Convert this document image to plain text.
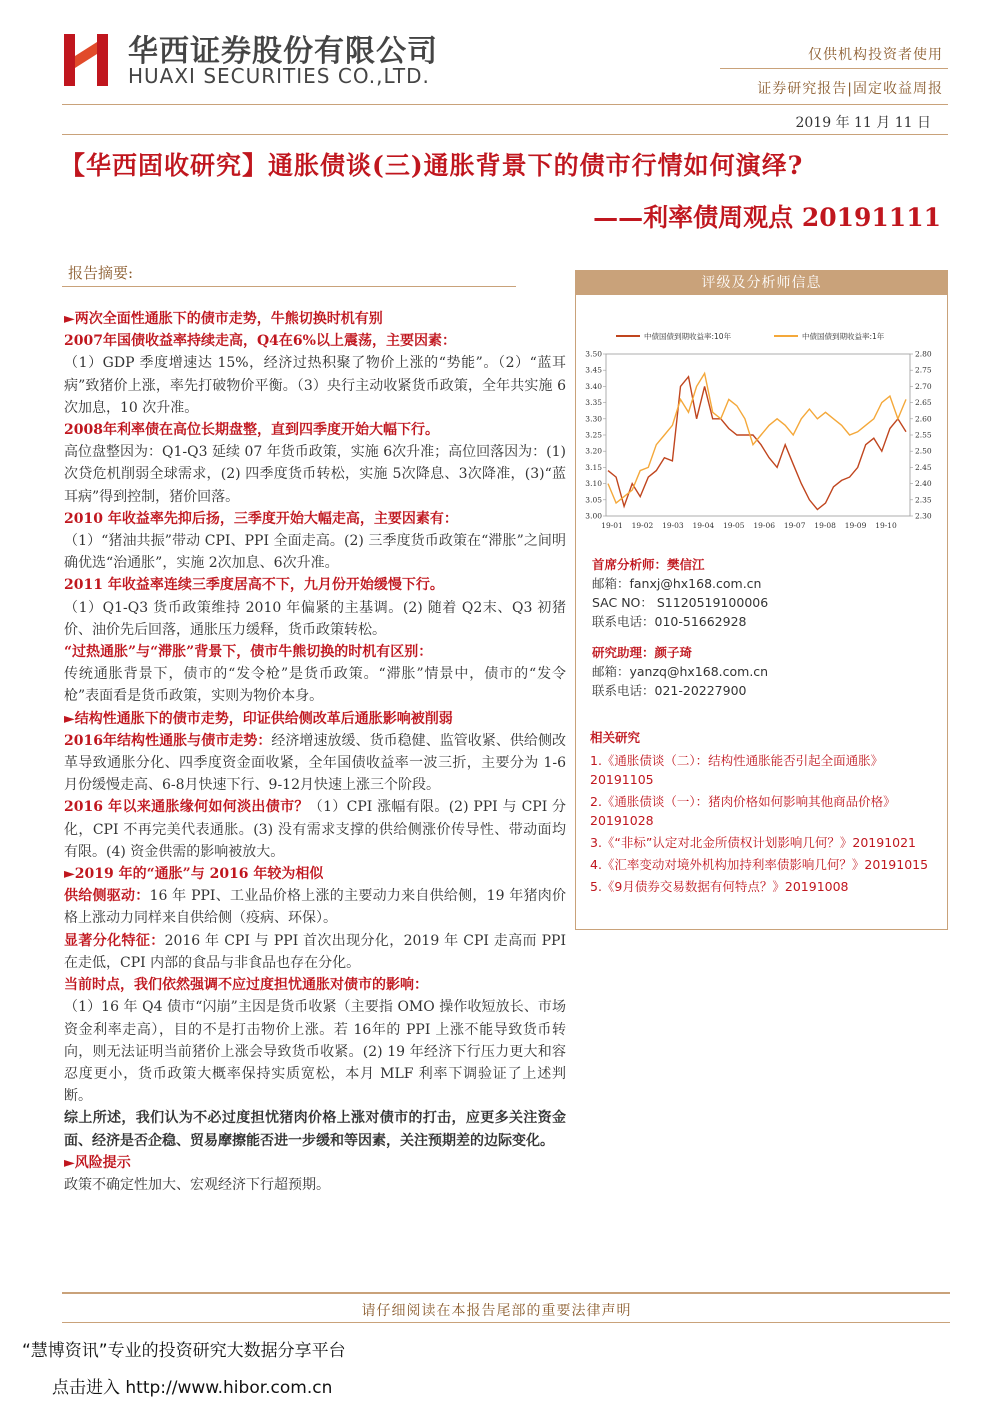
华西证券股份有限公司
HUAXI SECURITIES CO.,LTD.
仅供机构投资者使用
证券研究报告|固定收益周报
2019 年 11 月 11 日
【华西固收研究】通胀债谈(三)通胀背景下的债市行情如何演绎?
——利率债周观点 20191111
报告摘要:

►两次全面性通胀下的债市走势，牛熊切换时机有别

2007年国债收益率持续走高，Q4在6%以上震荡，主要因素：

（1）GDP 季度增速达 15%，经济过热积聚了物价上涨的“势能”。（2）“蓝耳病”致猪价上涨，率先打破物价平衡。（3）央行主动收紧货币政策，全年共实施 6次加息，10 次升准。

2008年利率债在高位长期盘整，直到四季度开始大幅下行。

高位盘整因为：Q1-Q3 延续 07 年货币政策，实施 6次升准；高位回落因为：(1) 次贷危机削弱全球需求，(2) 四季度货币转松，实施 5次降息、3次降准，(3)“蓝耳病”得到控制，猪价回落。

2010 年收益率先抑后扬，三季度开始大幅走高，主要因素有：

（1）“猪油共振”带动 CPI、PPI 全面走高。(2) 三季度货币政策在“滞胀”之间明确优选“治通胀”，实施 2次加息、6次升准。

2011 年收益率连续三季度居高不下，九月份开始缓慢下行。

（1）Q1-Q3 货币政策维持 2010 年偏紧的主基调。(2) 随着 Q2末、Q3 初猪价、油价先后回落，通胀压力缓释，货币政策转松。

“过热通胀”与“滞胀”背景下，债市牛熊切换的时机有区别：

传统通胀背景下，债市的“发令枪”是货币政策。“滞胀”情景中，债市的“发令枪”表面看是货币政策，实则为物价本身。

►结构性通胀下的债市走势，印证供给侧改革后通胀影响被削弱

2016年结构性通胀与债市走势：经济增速放缓、货币稳健、监管收紧、供给侧改革导致通胀分化、四季度资金面收紧，全年国债收益率一波三折，主要分为 1-6月份缓慢走高、6-8月快速下行、9-12月快速上涨三个阶段。

2016 年以来通胀缘何如何淡出债市？（1）CPI 涨幅有限。(2) PPI 与 CPI 分化，CPI 不再完美代表通胀。(3) 没有需求支撑的供给侧涨价传导性、带动面均有限。(4) 资金供需的影响被放大。

►2019 年的“通胀”与 2016 年较为相似

供给侧驱动：16 年 PPI、工业品价格上涨的主要动力来自供给侧，19 年猪肉价格上涨动力同样来自供给侧（疫病、环保）。

显著分化特征：2016 年 CPI 与 PPI 首次出现分化，2019 年 CPI 走高而 PPI 在走低，CPI 内部的食品与非食品也存在分化。

当前时点，我们依然强调不应过度担忧通胀对债市的影响：

（1）16 年 Q4 债市“闪崩”主因是货币收紧（主要指 OMO 操作收短放长、市场资金利率走高），目的不是打击物价上涨。若 16年的 PPI 上涨不能导致货币转向，则无法证明当前猪价上涨会导致货币收紧。(2) 19 年经济下行压力更大和容忍度更小，货币政策大概率保持实质宽松，本月 MLF 利率下调验证了上述判断。

综上所述，我们认为不必过度担忧猪肉价格上涨对债市的打击，应更多关注资金面、经济是否企稳、贸易摩擦能否进一步缓和等因素，关注预期差的边际变化。

►风险提示

政策不确定性加大、宏观经济下行超预期。

评级及分析师信息
中债国债到期收益率:10年	中债国债到期收益率:1年
3.50
3.45
3.40
3.35
3.30
3.25
3.20
3.15
3.10
3.05
3.00
2.80
2.75
2.70
2.65
2.60
2.55
2.50
2.45
2.40
2.35
2.30
19-01 19-02 19-03 19-04 19-05 19-06 19-07 19-08 19-09 19-10
首席分析师：樊信江
邮箱：fanxj@hx168.com.cn
SAC NO： S1120519100006
联系电话：010-51662928
研究助理：颜子琦
邮箱：yanzq@hx168.com.cn
联系电话：021-20227900
相关研究
1.《通胀债谈（二）：结构性通胀能否引起全面通胀》20191105
2.《通胀债谈（一）：猪肉价格如何影响其他商品价格》20191028
3.《“非标”认定对北金所债权计划影响几何？》20191021
4.《汇率变动对境外机构加持利率债影响几何？》20191015
5.《9月债券交易数据有何特点？》20191008
请仔细阅读在本报告尾部的重要法律声明
“慧博资讯”专业的投资研究大数据分享平台
点击进入 http://www.hibor.com.cn
